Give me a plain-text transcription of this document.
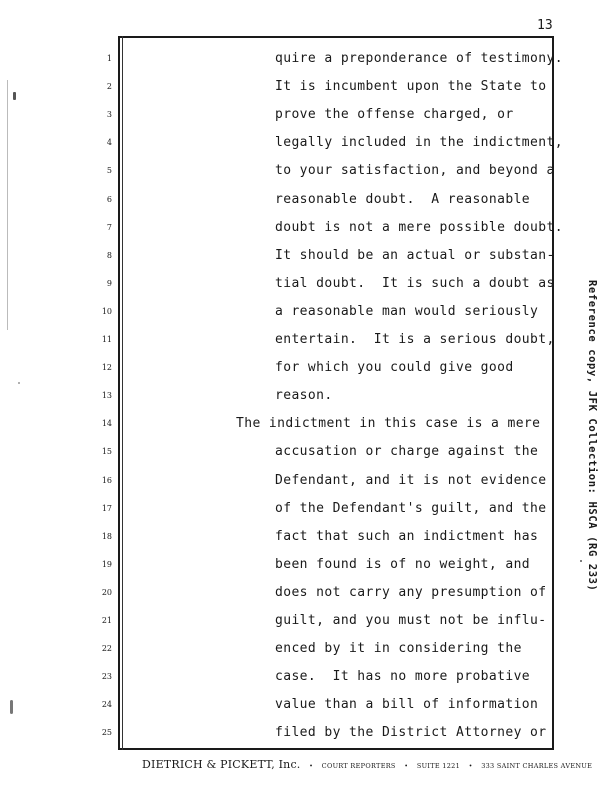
13
1
2
3
4
5
6
7
8
9
10
11
12
13
14
15
16
17
18
19
20
21
22
23
24
25
quire a preponderance of testimony.
It is incumbent upon the State to
prove the offense charged, or
legally included in the indictment,
to your satisfaction, and beyond a
reasonable doubt.  A reasonable
doubt is not a mere possible doubt.
It should be an actual or substan-
tial doubt.  It is such a doubt as
a reasonable man would seriously
entertain.  It is a serious doubt,
for which you could give good
reason.
The indictment in this case is a mere
accusation or charge against the
Defendant, and it is not evidence
of the Defendant's guilt, and the
fact that such an indictment has
been found is of no weight, and
does not carry any presumption of
guilt, and you must not be influ-
enced by it in considering the
case.  It has no more probative
value than a bill of information
filed by the District Attorney or
DIETRICH & PICKETT, Inc. • COURT REPORTERS • SUITE 1221 • 333 SAINT CHARLES AVENUE
Reference copy, JFK Collection: HSCA (RG 233)
